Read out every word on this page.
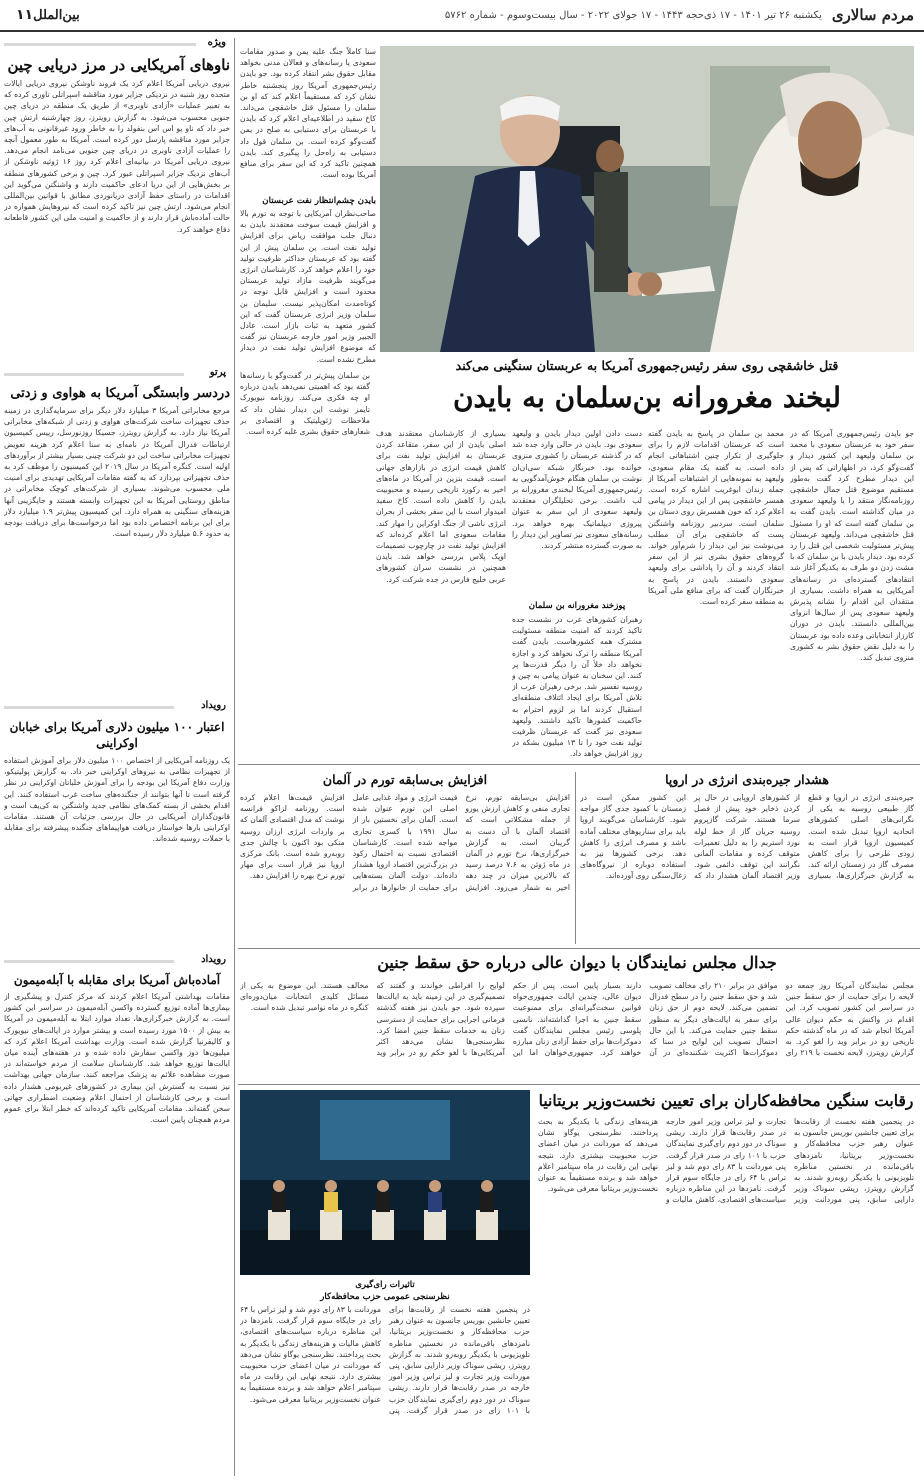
مردم سالاری
یکشنبه ۲۶ تیر ۱۴۰۱ - ۱۷ ذی‌حجه ۱۴۴۳ - ۱۷ جولای ۲۰۲۲ - سال بیست‌وسوم - شماره ۵۷۶۲
بین‌الملل
۱۱
ویژه
ناوهای آمریکایی در مرز دریایی چین
نیروی دریایی آمریکا اعلام کرد یک فروند ناوشکن نیروی دریایی ایالات متحده روز شنبه در نزدیکی جزایر مورد مناقشه اسپراتلی تاوری کرده که به تعبیر عملیات «آزادی ناوبری» از طریق یک منطقه در دریای چین جنوبی محسوب می‌شود. به گزارش رویترز، روز چهارشنبه ارتش چین خبر داد که ناو یو اس اس بنفولد را به خاطر ورود غیرقانونی به آب‌های جزایر مورد مناقشه پارسل دور کرده است. آمریکا به طور معمول آنچه را عملیات آزادی ناوبری در دریای چین جنوبی می‌نامد انجام می‌دهد. نیروی دریایی آمریکا در بیانیه‌ای اعلام کرد روز ۱۶ ژوئیه ناوشکن از آب‌های نزدیک جزایر اسپراتلی عبور کرد. چین و برخی کشورهای منطقه بر بخش‌هایی از این دریا ادعای حاکمیت دارند و واشنگتن می‌گوید این اقدامات در راستای حفظ آزادی دریانوردی مطابق با قوانین بین‌المللی انجام می‌شود. ارتش چین نیز تاکید کرده است که نیروهایش همواره در حالت آماده‌باش قرار دارند و از حاکمیت و امنیت ملی این کشور قاطعانه دفاع خواهند کرد.
پرتو
دردسر وابستگی آمریکا به هواوی و زدتی
مرجع مخابراتی آمریکا ۳ میلیارد دلار دیگر برای سرمایه‌گذاری در زمینه حذف تجهیزات ساخت شرکت‌های هواوی و زدتی از شبکه‌های مخابراتی آمریکا نیاز دارد. به گزارش رویترز، جسیکا روزنورسل، رییس کمیسیون ارتباطات فدرال آمریکا در نامه‌ای به سنا اعلام کرد هزینه تعویض تجهیزات مخابراتی ساخت این دو شرکت چینی بسیار بیشتر از برآوردهای اولیه است. کنگره آمریکا در سال ۲۰۱۹ این کمیسیون را موظف کرد به حذف تجهیزاتی بپردازد که به گفته مقامات آمریکایی تهدیدی برای امنیت ملی محسوب می‌شوند. بسیاری از شرکت‌های کوچک مخابراتی در مناطق روستایی آمریکا به این تجهیزات وابسته هستند و جایگزینی آنها هزینه‌های سنگینی به همراه دارد. این کمیسیون پیش‌تر ۱.۹ میلیارد دلار برای این برنامه اختصاص داده بود اما درخواست‌ها برای دریافت بودجه به حدود ۵.۶ میلیارد دلار رسیده است.
رویداد
اعتبار ۱۰۰ میلیون دلاری آمریکا برای خبابان اوکراینی
یک روزنامه آمریکایی از اختصاص ۱۰۰ میلیون دلار برای آموزش استفاده از تجهیزات نظامی به نیروهای اوکراینی خبر داد. به گزارش پولیتیکو، وزارت دفاع آمریکا این بودجه را برای آموزش خلبانان اوکراینی در نظر گرفته است تا آنها بتوانند از جنگنده‌های ساخت غرب استفاده کنند. این اقدام بخشی از بسته کمک‌های نظامی جدید واشنگتن به کی‌یف است و قانون‌گذاران آمریکایی در حال بررسی جزئیات آن هستند. مقامات اوکراینی بارها خواستار دریافت هواپیماهای جنگنده پیشرفته برای مقابله با حملات روسیه شده‌اند.
رویداد
آماده‌باش آمریکا برای مقابله با آبله‌میمون
مقامات بهداشتی آمریکا اعلام کردند که مرکز کنترل و پیشگیری از بیماری‌ها آماده توزیع گسترده واکسن آبله‌میمون در سراسر این کشور است. به گزارش خبرگزاری‌ها، تعداد موارد ابتلا به آبله‌میمون در آمریکا به بیش از ۱۵۰۰ مورد رسیده است و بیشتر موارد در ایالت‌های نیویورک و کالیفرنیا گزارش شده است. وزارت بهداشت آمریکا اعلام کرد که میلیون‌ها دوز واکسن سفارش داده شده و در هفته‌های آینده میان ایالت‌ها توزیع خواهد شد. کارشناسان سلامت از مردم خواسته‌اند در صورت مشاهده علائم به پزشک مراجعه کنند. سازمان جهانی بهداشت نیز نسبت به گسترش این بیماری در کشورهای غیربومی هشدار داده است و برخی کارشناسان از احتمال اعلام وضعیت اضطراری جهانی سخن گفته‌اند. مقامات آمریکایی تاکید کرده‌اند که خطر ابتلا برای عموم مردم همچنان پایین است.
سنا کاملاً جنگ علیه یمن و صدور مقامات سعودی یا رسانه‌های و فعالان مدنی بخواهد مقابل حقوق بشر انتقاد کرده بود. جو بایدن رئیس‌جمهوری آمریکا روز پنجشنبه خاطر نشان کرد که مستقیماً اعلام کند که او بن سلمان را مسئول قتل خاشقچی می‌داند. کاخ سفید در اطلاعیه‌ای اعلام کرد که بایدن با عربستان برای دستیابی به صلح در یمن گفت‌وگو کرده است. بن سلمان قول داد دستیابی به راه‌حل را پیگیری کند. بایدن همچنین تاکید کرد که این سفر برای منافع آمریکا بوده است.
بایدن چشم‌انتظار نفت عربستان
صاحب‌نظران آمریکایی با توجه به تورم بالا و افزایش قیمت سوخت معتقدند بایدن به دنبال جلب موافقت ریاض برای افزایش تولید نفت است. بن سلمان پیش از این گفته بود که عربستان حداکثر ظرفیت تولید خود را اعلام خواهد کرد. کارشناسان انرژی می‌گویند ظرفیت مازاد تولید عربستان محدود است و افزایش قابل توجه در کوتاه‌مدت امکان‌پذیر نیست. سلیمان بن سلمان وزیر انرژی عربستان گفت که این کشور متعهد به ثبات بازار است. عادل الجبیر وزیر امور خارجه عربستان نیز گفت که موضوع افزایش تولید نفت در دیدار مطرح نشده است.	قتل خاشقچی روی سفر رئیس‌جمهوری آمریکا به عربستان سنگینی می‌کند
لبخند مغرورانه بن‌سلمان به بایدن
جو بایدن رئیس‌جمهوری آمریکا که در سفر خود به عربستان سعودی با محمد بن سلمان ولیعهد این کشور دیدار و گفت‌وگو کرد، در اظهاراتی که پس از این دیدار مطرح کرد گفت به‌طور مستقیم موضوع قتل جمال خاشقچی روزنامه‌نگار منتقد را با ولیعهد سعودی در میان گذاشته است. بایدن گفت به بن سلمان گفته است که او را مسئول قتل خاشقچی می‌داند. ولیعهد عربستان پیش‌تر مسئولیت شخصی این قتل را رد کرده بود. دیدار بایدن با بن سلمان که با مشت زدن دو طرف به یکدیگر آغاز شد انتقادهای گسترده‌ای در رسانه‌های آمریکایی به همراه داشت. بسیاری از منتقدان این اقدام را نشانه پذیرش ولیعهد سعودی پس از سال‌ها انزوای بین‌المللی دانستند. بایدن در دوران کارزار انتخاباتی وعده داده بود عربستان را به دلیل نقض حقوق بشر به کشوری منزوی تبدیل کند.
محمد بن سلمان در پاسخ به بایدن گفته است که عربستان اقدامات لازم را برای جلوگیری از تکرار چنین اشتباهاتی انجام داده است. به گفته یک مقام سعودی، ولیعهد به نمونه‌هایی از اشتباهات آمریکا از جمله زندان ابوغریب اشاره کرده است. همسر خاشقچی پس از این دیدار در پیامی اعلام کرد که خون همسرش روی دستان بن سلمان است. سردبیر روزنامه واشنگتن پست که خاشقچی برای آن مطلب می‌نوشت نیز این دیدار را شرم‌آور خواند. گروه‌های حقوق بشری نیز از این سفر انتقاد کردند و آن را پاداشی برای ولیعهد سعودی دانستند. بایدن در پاسخ به خبرنگاران گفت که برای منافع ملی آمریکا به منطقه سفر کرده است.
دست دادن اولین دیدار بایدن و ولیعهد سعودی بود. بایدن در حالی وارد جده شد که در گذشته عربستان را کشوری منزوی خوانده بود. خبرنگار شبکه سی‌ان‌ان نوشت بن سلمان هنگام خوش‌آمدگویی به رئیس‌جمهوری آمریکا لبخندی مغرورانه بر لب داشت. برخی تحلیلگران معتقدند ولیعهد سعودی از این سفر به عنوان پیروزی دیپلماتیک بهره خواهد برد. رسانه‌های سعودی نیز تصاویر این دیدار را به صورت گسترده منتشر کردند.
پوزخند مغرورانه بن سلمان
رهبران کشورهای عرب در نشست جده تاکید کردند که امنیت منطقه مسئولیت مشترک همه کشورهاست. بایدن گفت آمریکا منطقه را ترک نخواهد کرد و اجازه نخواهد داد خلأ آن را دیگر قدرت‌ها پر کنند. این سخنان به عنوان پیامی به چین و روسیه تفسیر شد. برخی رهبران عرب از تلاش آمریکا برای ایجاد ائتلاف منطقه‌ای استقبال کردند اما بر لزوم احترام به حاکمیت کشورها تاکید داشتند. ولیعهد سعودی نیز گفت که عربستان ظرفیت تولید نفت خود را تا ۱۳ میلیون بشکه در روز افزایش خواهد داد.
بسیاری از کارشناسان معتقدند هدف اصلی بایدن از این سفر، متقاعد کردن عربستان به افزایش تولید نفت برای کاهش قیمت انرژی در بازارهای جهانی است. قیمت بنزین در آمریکا در ماه‌های اخیر به رکورد تاریخی رسیده و محبوبیت بایدن را کاهش داده است. کاخ سفید امیدوار است با این سفر بخشی از بحران انرژی ناشی از جنگ اوکراین را مهار کند. مقامات سعودی اما اعلام کرده‌اند که افزایش تولید نفت در چارچوب تصمیمات اوپک پلاس بررسی خواهد شد. بایدن همچنین در نشست سران کشورهای عربی خلیج فارس در جده شرکت کرد.
بن سلمان پیش‌تر در گفت‌وگو با رسانه‌ها گفته بود که اهمیتی نمی‌دهد بایدن درباره او چه فکری می‌کند. روزنامه نیویورک تایمز نوشت این دیدار نشان داد که ملاحظات ژئوپلیتیک و اقتصادی بر شعارهای حقوق بشری غلبه کرده است.
هشدار جیره‌بندی انرژی در اروپا
جیره‌بندی انرژی در اروپا و قطع گاز طبیعی روسیه به یکی از نگرانی‌های اصلی کشورهای اتحادیه اروپا تبدیل شده است. کمیسیون اروپا قرار است به زودی طرحی را برای کاهش مصرف گاز در زمستان ارائه کند. به گزارش خبرگزاری‌ها، بسیاری از کشورهای اروپایی در حال پر کردن ذخایر خود پیش از فصل سرما هستند. شرکت گازپروم روسیه جریان گاز از خط لوله نورد استریم را به دلیل تعمیرات متوقف کرده و مقامات آلمانی نگرانند این توقف دائمی شود. وزیر اقتصاد آلمان هشدار داد که این کشور ممکن است در زمستان با کمبود جدی گاز مواجه شود. کارشناسان می‌گویند اروپا باید برای سناریوهای مختلف آماده باشد و مصرف انرژی را کاهش دهد. برخی کشورها نیز به استفاده دوباره از نیروگاه‌های زغال‌سنگی روی آورده‌اند.
افزایش بی‌سابقه تورم در آلمان
افزایش بی‌سابقه تورم، نرخ تجاری منفی و کاهش ارزش یورو از جمله مشکلاتی است که اقتصاد آلمان با آن دست به گریبان است. به گزارش خبرگزاری‌ها، نرخ تورم در آلمان در ماه ژوئن به ۷.۶ درصد رسید که بالاترین میزان در چند دهه اخیر به شمار می‌رود. افزایش قیمت انرژی و مواد غذایی عامل اصلی این تورم عنوان شده است. آلمان برای نخستین بار از سال ۱۹۹۱ با کسری تجاری مواجه شده است. کارشناسان اقتصادی نسبت به احتمال رکود در بزرگ‌ترین اقتصاد اروپا هشدار داده‌اند. دولت آلمان بسته‌هایی برای حمایت از خانوارها در برابر افزایش قیمت‌ها اعلام کرده است. روزنامه لزاکو فرانسه نوشت که مدل اقتصادی آلمان که بر واردات انرژی ارزان روسیه متکی بود اکنون با چالش جدی روبه‌رو شده است. بانک مرکزی اروپا نیز قرار است برای مهار تورم نرخ بهره را افزایش دهد.
جدال مجلس نمایندگان با دیوان عالی درباره حق سقط جنین
مجلس نمایندگان آمریکا روز جمعه دو لایحه را برای حمایت از حق سقط جنین در سراسر این کشور تصویب کرد. این اقدام در واکنش به حکم دیوان عالی آمریکا انجام شد که در ماه گذشته حکم تاریخی رو در برابر وید را لغو کرد. به گزارش رویترز، لایحه نخست با ۲۱۹ رای موافق در برابر ۲۱۰ رای مخالف تصویب شد و حق سقط جنین را در سطح فدرال تضمین می‌کند. لایحه دوم از حق زنان برای سفر به ایالت‌های دیگر به منظور سقط جنین حمایت می‌کند. با این حال احتمال تصویب این لوایح در سنا که دموکرات‌ها اکثریت شکننده‌ای در آن دارند بسیار پایین است. پس از حکم دیوان عالی، چندین ایالت جمهوری‌خواه قوانین سخت‌گیرانه‌ای برای ممنوعیت سقط جنین به اجرا گذاشته‌اند. نانسی پلوسی رئیس مجلس نمایندگان گفت دموکرات‌ها برای حفظ آزادی زنان مبارزه خواهند کرد. جمهوری‌خواهان اما این لوایح را افراطی خواندند و گفتند که تصمیم‌گیری در این زمینه باید به ایالت‌ها سپرده شود. جو بایدن نیز هفته گذشته فرمانی اجرایی برای حمایت از دسترسی زنان به خدمات سقط جنین امضا کرد. نظرسنجی‌ها نشان می‌دهد اکثر آمریکایی‌ها با لغو حکم رو در برابر وید مخالف هستند. این موضوع به یکی از مسائل کلیدی انتخابات میان‌دوره‌ای کنگره در ماه نوامبر تبدیل شده است.
رقابت سنگین محافظه‌کاران برای تعیین نخست‌وزیر بریتانیا
در پنجمین هفته نخست از رقابت‌ها برای تعیین جانشین بوریس جانسون به عنوان رهبر حزب محافظه‌کار و نخست‌وزیر بریتانیا، نامزدهای باقی‌مانده در نخستین مناظره تلویزیونی با یکدیگر روبه‌رو شدند. به گزارش رویترز، ریشی سوناک وزیر دارایی سابق، پنی موردانت وزیر تجارت و لیز تراس وزیر امور خارجه در صدر رقابت‌ها قرار دارند. ریشی سوناک در دور دوم رای‌گیری نمایندگان حزب با ۱۰۱ رای در صدر قرار گرفت. پنی موردانت با ۸۳ رای دوم شد و لیز تراس با ۶۴ رای در جایگاه سوم قرار گرفت. نامزدها در این مناظره درباره سیاست‌های اقتصادی، کاهش مالیات و هزینه‌های زندگی با یکدیگر به بحث پرداختند. نظرسنجی یوگاو نشان می‌دهد که موردانت در میان اعضای حزب محبوبیت بیشتری دارد. نتیجه نهایی این رقابت در ماه سپتامبر اعلام خواهد شد و برنده مستقیماً به عنوان نخست‌وزیر بریتانیا معرفی می‌شود.
تاثیرات رای‌گیری
نظرسنجی عمومی حزب محافظه‌کار
در پنجمین هفته نخست از رقابت‌ها برای تعیین جانشین بوریس جانسون به عنوان رهبر حزب محافظه‌کار و نخست‌وزیر بریتانیا، نامزدهای باقی‌مانده در نخستین مناظره تلویزیونی با یکدیگر روبه‌رو شدند. به گزارش رویترز، ریشی سوناک وزیر دارایی سابق، پنی موردانت وزیر تجارت و لیز تراس وزیر امور خارجه در صدر رقابت‌ها قرار دارند. ریشی سوناک در دور دوم رای‌گیری نمایندگان حزب با ۱۰۱ رای در صدر قرار گرفت. پنی موردانت با ۸۳ رای دوم شد و لیز تراس با ۶۴ رای در جایگاه سوم قرار گرفت. نامزدها در این مناظره درباره سیاست‌های اقتصادی، کاهش مالیات و هزینه‌های زندگی با یکدیگر به بحث پرداختند. نظرسنجی یوگاو نشان می‌دهد که موردانت در میان اعضای حزب محبوبیت بیشتری دارد. نتیجه نهایی این رقابت در ماه سپتامبر اعلام خواهد شد و برنده مستقیماً به عنوان نخست‌وزیر بریتانیا معرفی می‌شود.
